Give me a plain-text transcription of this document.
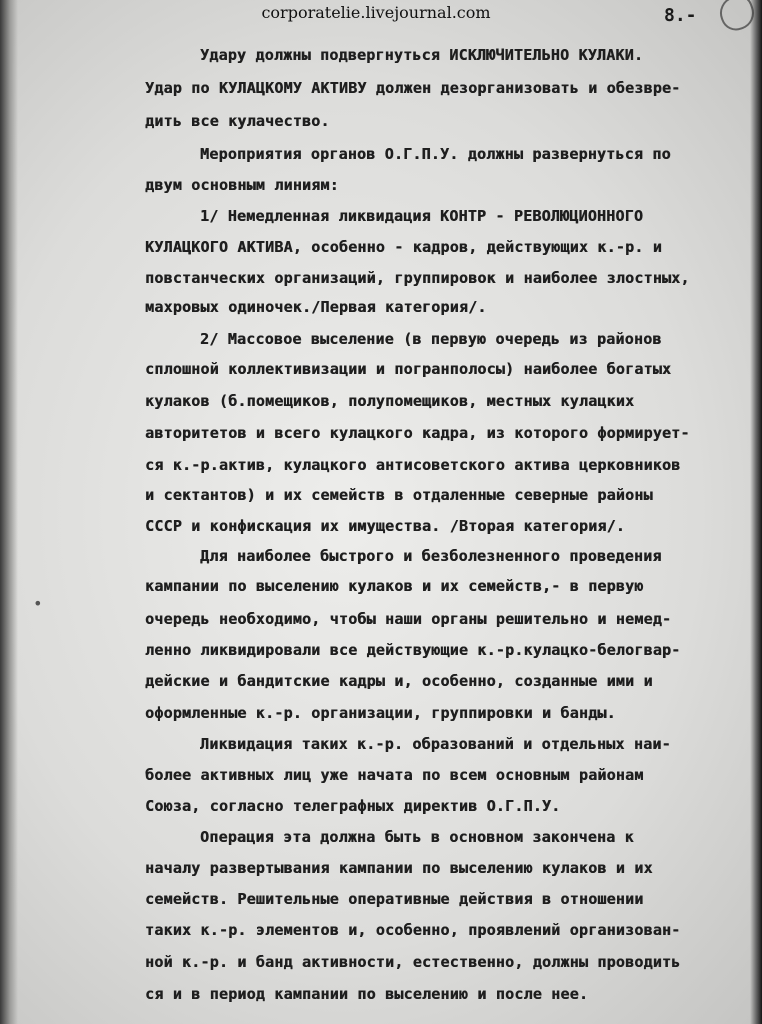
corporatelie.livejournal.com	8.-
Удару должны подвергнуться ИСКЛЮЧИТЕЛЬНО КУЛАКИ.
Удар по КУЛАЦКОМУ АКТИВУ должен дезорганизовать и обезвре-
дить все кулачество.
Мероприятия органов О.Г.П.У. должны развернуться по
двум основным линиям:
1/ Немедленная ликвидация КОНТР - РЕВОЛЮЦИОННОГО
КУЛАЦКОГО АКТИВА, особенно - кадров, действующих к.-р. и
повстанческих организаций, группировок и наиболее злостных,
махровых одиночек./Первая категория/.
2/ Массовое выселение (в первую очередь из районов
сплошной коллективизации и погранполосы) наиболее богатых
кулаков (б.помещиков, полупомещиков, местных кулацких
авторитетов и всего кулацкого кадра, из которого формирует-
ся к.-р.актив, кулацкого антисоветского актива церковников
и сектантов) и их семейств в отдаленные северные районы
СССР и конфискация их имущества. /Вторая категория/.
Для наиболее быстрого и безболезненного проведения
кампании по выселению кулаков и их семейств,- в первую
очередь необходимо, чтобы наши органы решительно и немед-
ленно ликвидировали все действующие к.-р.кулацко-белогвар-
дейские и бандитские кадры и, особенно, созданные ими и
оформленные к.-р. организации, группировки и банды.
Ликвидация таких к.-р. образований и отдельных наи-
более активных лиц уже начата по всем основным районам
Союза, согласно телеграфных директив О.Г.П.У.
Операция эта должна быть в основном закончена к
началу развертывания кампании по выселению кулаков и их
семейств. Решительные оперативные действия в отношении
таких к.-р. элементов и, особенно, проявлений организован-
ной к.-р. и банд активности, естественно, должны проводить
ся и в период кампании по выселению и после нее.
•
